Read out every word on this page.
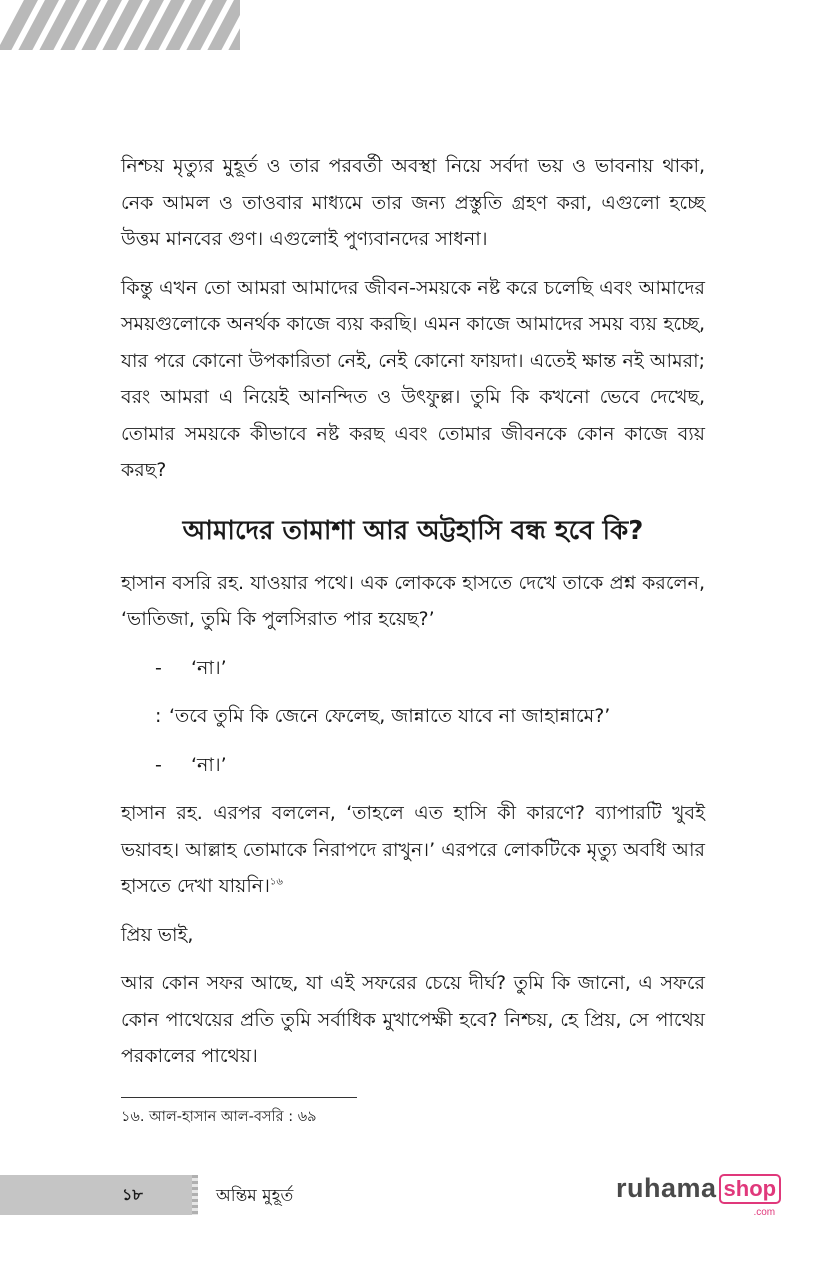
নিশ্চয় মৃত্যুর মুহূর্ত ও তার পরবর্তী অবস্থা নিয়ে সর্বদা ভয় ও ভাবনায় থাকা, নেক আমল ও তাওবার মাধ্যমে তার জন্য প্রস্তুতি গ্রহণ করা, এগুলো হচ্ছে উত্তম মানবের গুণ। এগুলোই পুণ্যবানদের সাধনা।

কিন্তু এখন তো আমরা আমাদের জীবন-সময়কে নষ্ট করে চলেছি এবং আমাদের সময়গুলোকে অনর্থক কাজে ব্যয় করছি। এমন কাজে আমাদের সময় ব্যয় হচ্ছে, যার পরে কোনো উপকারিতা নেই, নেই কোনো ফায়দা। এতেই ক্ষান্ত নই আমরা; বরং আমরা এ নিয়েই আনন্দিত ও উৎফুল্ল। তুমি কি কখনো ভেবে দেখেছ, তোমার সময়কে কীভাবে নষ্ট করছ এবং তোমার জীবনকে কোন কাজে ব্যয় করছ?

আমাদের তামাশা আর অট্টহাসি বন্ধ হবে কি?

হাসান বসরি রহ. যাওয়ার পথে। এক লোককে হাসতে দেখে তাকে প্রশ্ন করলেন, ‘ভাতিজা, তুমি কি পুলসিরাত পার হয়েছ?’

-	‘না।’
: ‘তবে তুমি কি জেনে ফেলেছ, জান্নাতে যাবে না জাহান্নামে?’
-	‘না।’

হাসান রহ. এরপর বললেন, ‘তাহলে এত হাসি কী কারণে? ব্যাপারটি খুবই ভয়াবহ। আল্লাহ তোমাকে নিরাপদে রাখুন।’ এরপরে লোকটিকে মৃত্যু অবধি আর হাসতে দেখা যায়নি।$^{১৬}$

প্রিয় ভাই,

আর কোন সফর আছে, যা এই সফরের চেয়ে দীর্ঘ? তুমি কি জানো, এ সফরে কোন পাথেয়ের প্রতি তুমি সর্বাধিক মুখাপেক্ষী হবে? নিশ্চয়, হে প্রিয়, সে পাথেয় পরকালের পাথেয়।

১৬. আল-হাসান আল-বসরি : ৬৯
১৮	অন্তিম মুহূর্ত	ruhama shop
.com
